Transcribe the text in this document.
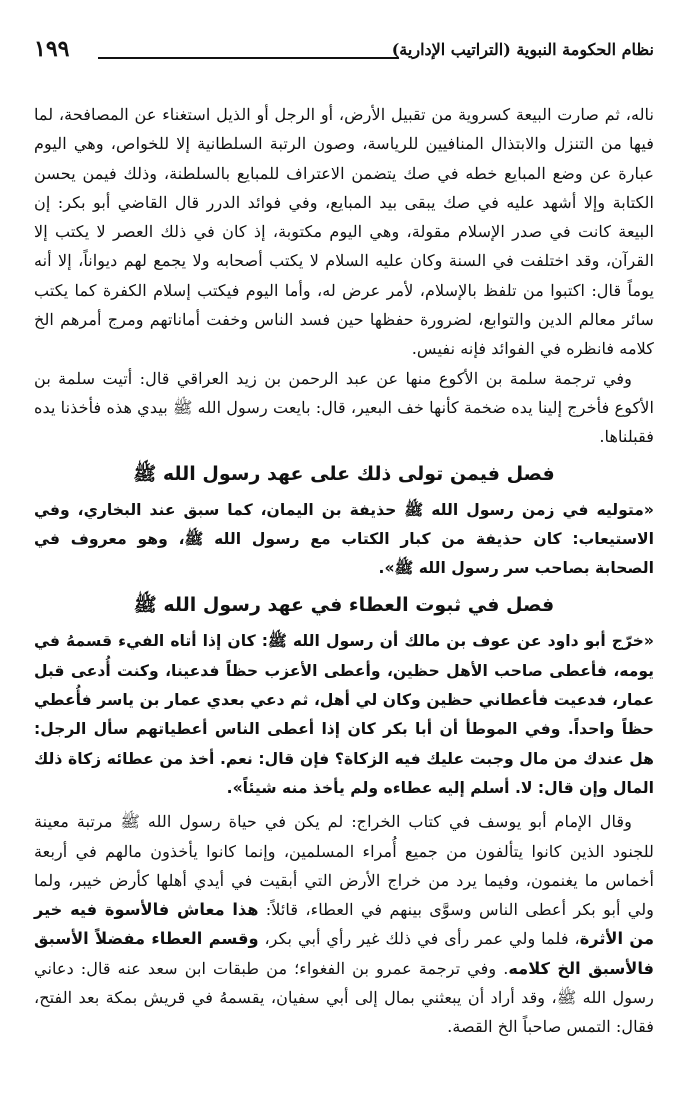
نظام الحكومة النبوية (التراتيب الإدارية)
١٩٩

ناله، ثم صارت البيعة كسروية من تقبيل الأرض، أو الرجل أو الذيل استغناء عن المصافحة، لما فيها من التنزل والابتذال المنافيين للرياسة، وصون الرتبة السلطانية إلا للخواص، وهي اليوم عبارة عن وضع المبايع خطه في صك يتضمن الاعتراف للمبايع بالسلطنة، وذلك فيمن يحسن الكتابة وإلا أشهد عليه في صك يبقى بيد المبايع، وفي فوائد الدرر قال القاضي أبو بكر: إن البيعة كانت في صدر الإسلام مقولة، وهي اليوم مكتوبة، إذ كان في ذلك العصر لا يكتب إلا القرآن، وقد اختلفت في السنة وكان عليه السلام لا يكتب أصحابه ولا يجمع لهم ديواناً، إلا أنه يوماً قال: اكتبوا من تلفظ بالإسلام، لأمر عرض له، وأما اليوم فيكتب إسلام الكفرة كما يكتب سائر معالم الدين والتوابع، لضرورة حفظها حين فسد الناس وخفت أماناتهم ومرج أمرهم الخ كلامه فانظره في الفوائد فإنه نفيس.

وفي ترجمة سلمة بن الأكوع منها عن عبد الرحمن بن زيد العراقي قال: أتيت سلمة بن الأكوع فأخرج إلينا يده ضخمة كأنها خف البعير، قال: بايعت رسول الله ﷺ بيدي هذه فأخذنا يده فقبلناها.

فصل فيمن تولى ذلك على عهد رسول الله ﷺ

«متوليه في زمن رسول الله ﷺ حذيفة بن اليمان، كما سبق عند البخاري، وفي الاستيعاب: كان حذيفة من كبار الكتاب مع رسول الله ﷺ، وهو معروف في الصحابة بصاحب سر رسول الله ﷺ».

فصل في ثبوت العطاء في عهد رسول الله ﷺ

«خرّج أبو داود عن عوف بن مالك أن رسول الله ﷺ: كان إذا أتاه الفيء قسمهُ في يومه، فأعطى صاحب الأهل حظين، وأعطى الأعزب حظاً فدعينا، وكنت أُدعى قبل عمار، فدعيت فأعطاني حظين وكان لي أهل، ثم دعي بعدي عمار بن ياسر فأُعطي حظاً واحداً. وفي الموطأ أن أبا بكر كان إذا أعطى الناس أعطياتهم سأل الرجل: هل عندك من مال وجبت عليك فيه الزكاة؟ فإن قال: نعم. أخذ من عطائه زكاة ذلك المال وإن قال: لا. أسلم إليه عطاءه ولم يأخذ منه شيئاً».

وقال الإمام أبو يوسف في كتاب الخراج: لم يكن في حياة رسول الله ﷺ مرتبة معينة للجنود الذين كانوا يتألفون من جميع أُمراء المسلمين، وإنما كانوا يأخذون مالهم في أربعة أخماس ما يغنمون، وفيما يرد من خراج الأرض التي أبقيت في أيدي أهلها كأرض خيبر، ولما ولي أبو بكر أعطى الناس وسوَّى بينهم في العطاء، قائلاً: هذا معاش فالأسوة فيه خير من الأثرة، فلما ولي عمر رأى في ذلك غير رأي أبي بكر، وقسم العطاء مفضلاً الأسبق فالأسبق الخ كلامه. وفي ترجمة عمرو بن الفغواء؛ من طبقات ابن سعد عنه قال: دعاني رسول الله ﷺ، وقد أراد أن يبعثني بمال إلى أبي سفيان، يقسمهُ في قريش بمكة بعد الفتح، فقال: التمس صاحباً الخ القصة.
